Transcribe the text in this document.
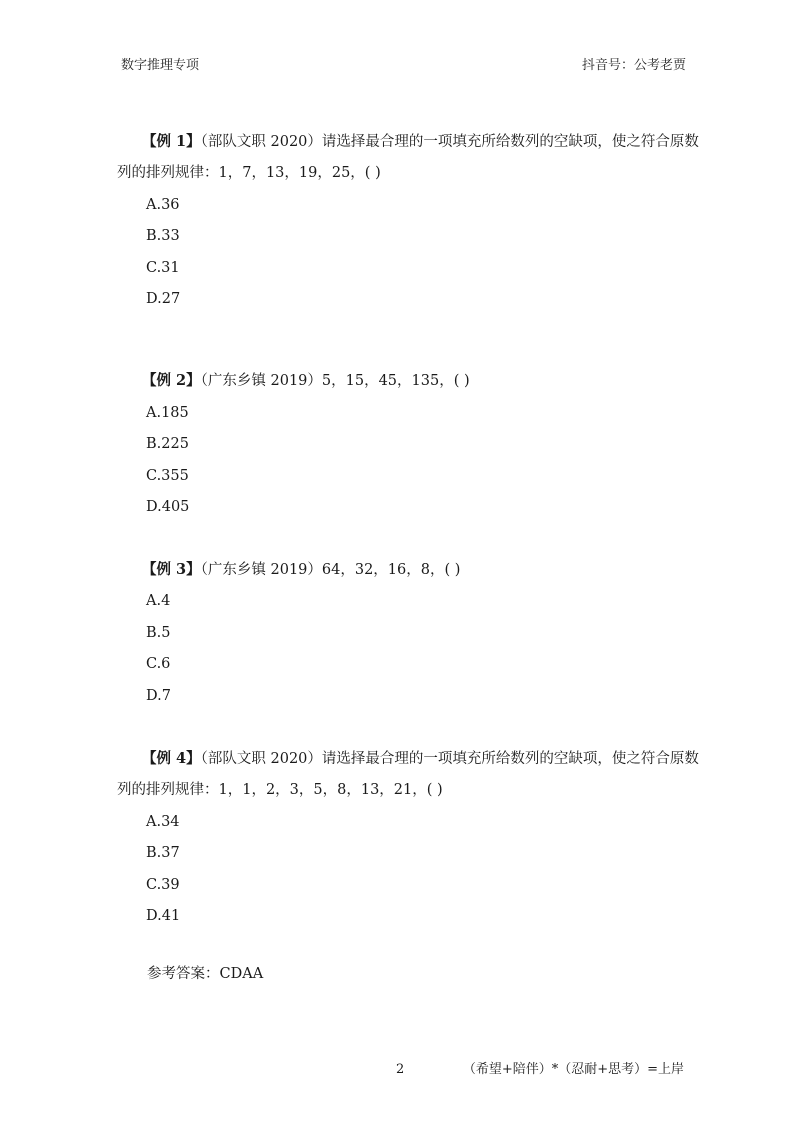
数字推理专项	抖音号：公考老贾
【例 1】（部队文职 2020）请选择最合理的一项填充所给数列的空缺项，使之符合原数
列的排列规律：1，7，13，19，25，( )
A.36
B.33
C.31
D.27
【例 2】（广东乡镇 2019）5，15，45，135，( )
A.185
B.225
C.355
D.405
【例 3】（广东乡镇 2019）64，32，16，8，( )
A.4
B.5
C.6
D.7
【例 4】（部队文职 2020）请选择最合理的一项填充所给数列的空缺项，使之符合原数
列的排列规律：1，1，2，3，5，8，13，21，( )
A.34
B.37
C.39
D.41
参考答案：CDAA
2	（希望+陪伴）*（忍耐+思考）=上岸
